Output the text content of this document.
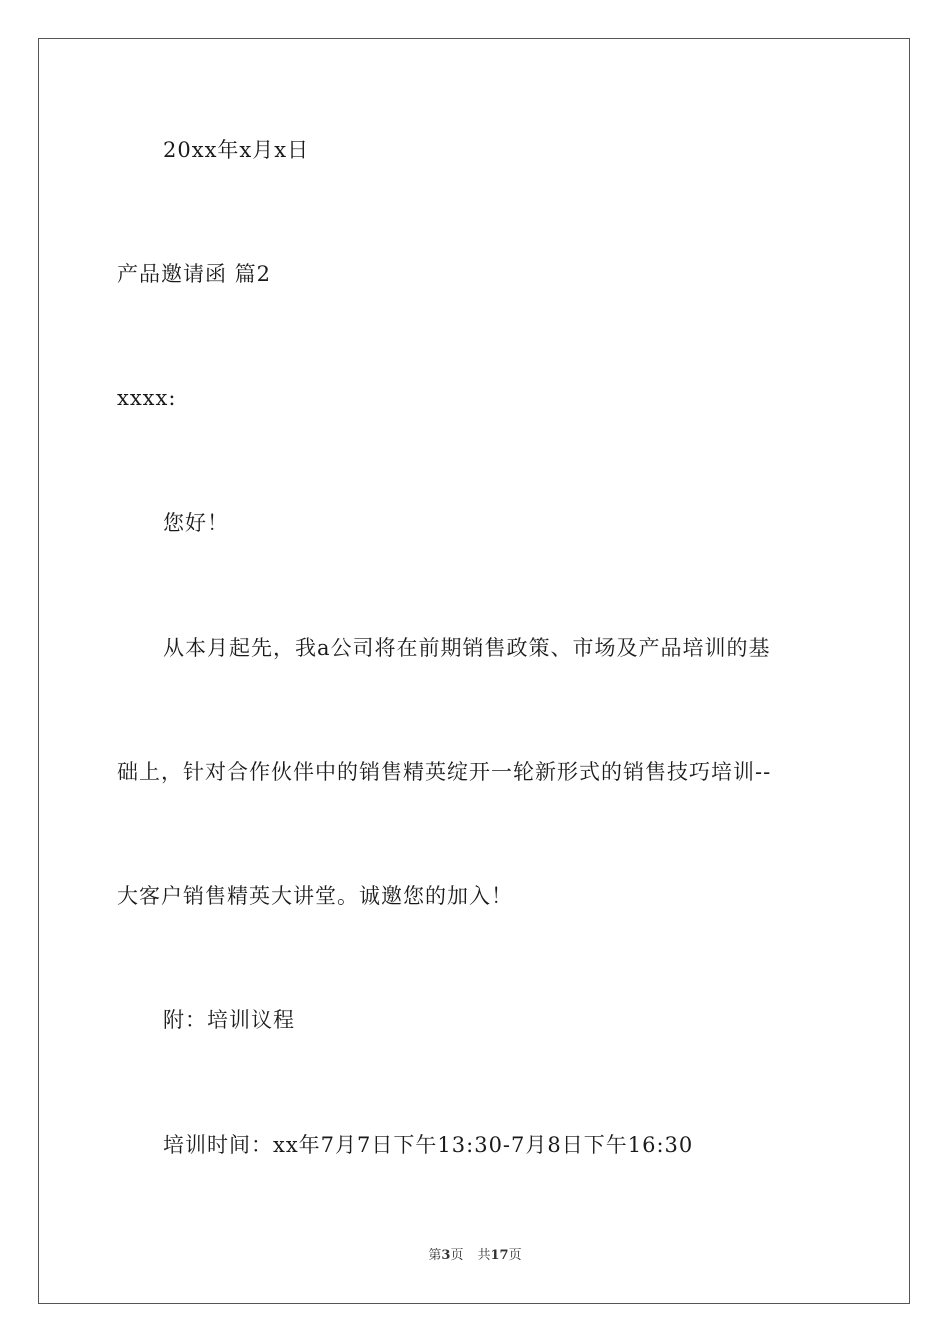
20xx年x月x日
产品邀请函 篇2
xxxx:
您好！
从本月起先，我a公司将在前期销售政策、市场及产品培训的基
础上，针对合作伙伴中的销售精英绽开一轮新形式的销售技巧培训--
大客户销售精英大讲堂。诚邀您的加入！
附：培训议程
培训时间：xx年7月7日下午13:30-7月8日下午16:30
第3页 共17页
